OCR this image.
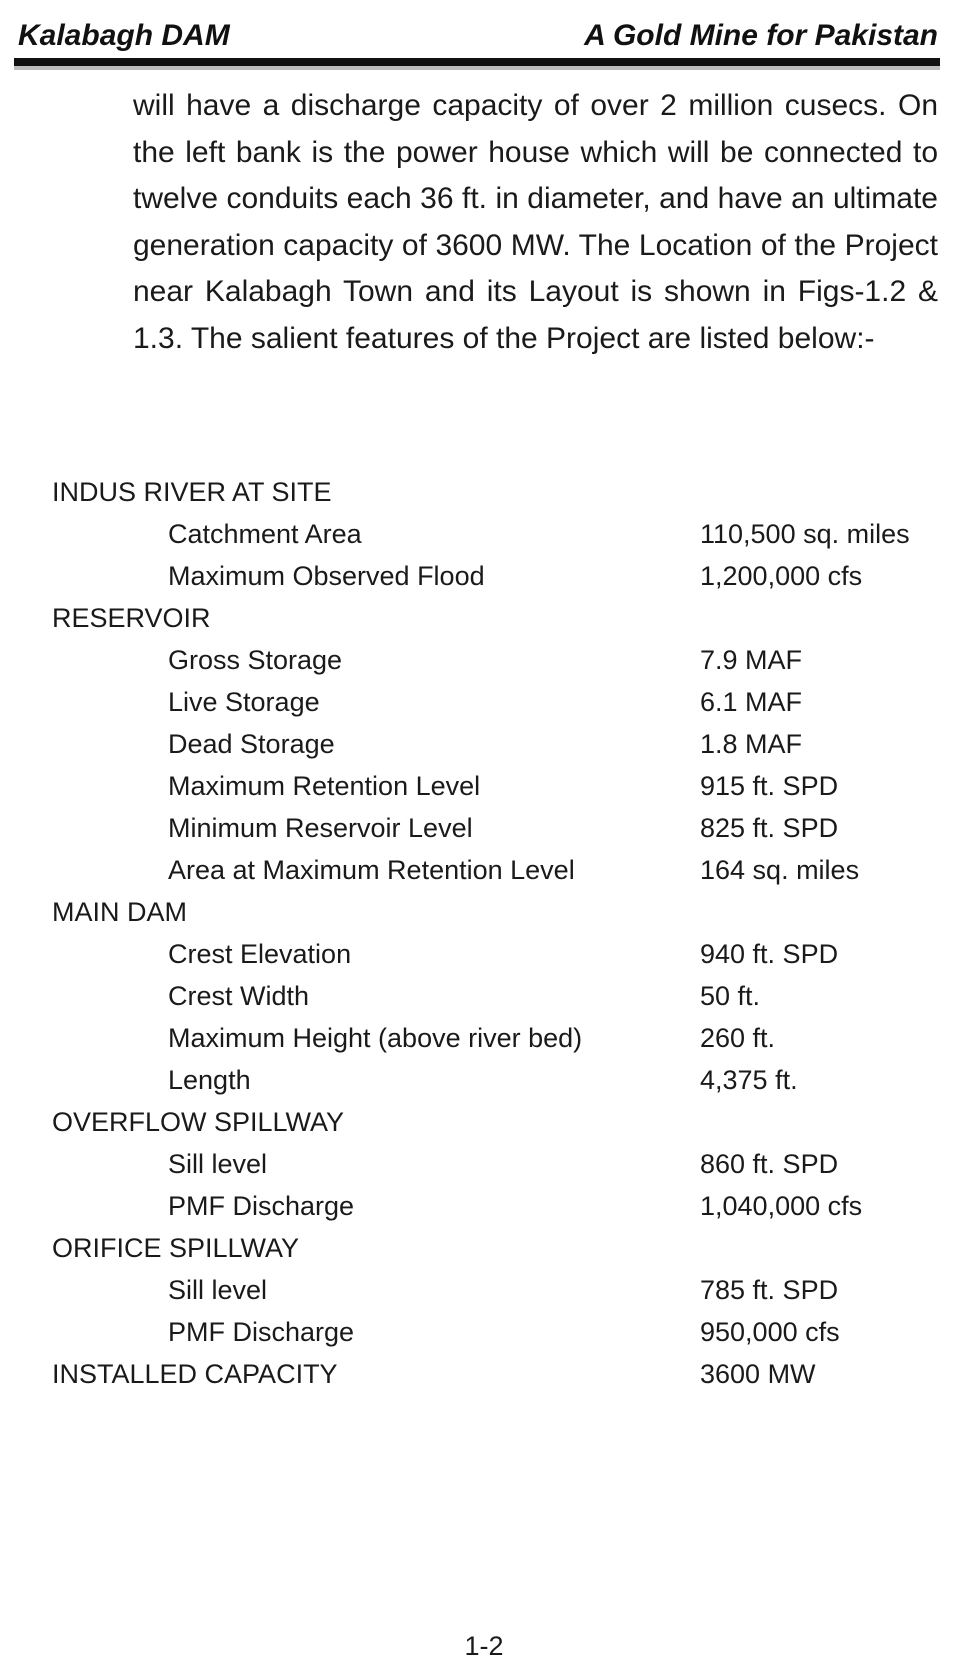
Kalabagh DAM	A Gold Mine for Pakistan

will have a discharge capacity of over 2 million cusecs. On the left bank is the power house which will be connected to twelve conduits each 36 ft. in diameter, and have an ultimate generation capacity of 3600 MW. The Location of the Project near Kalabagh Town and its Layout is shown in Figs-1.2 & 1.3. The salient features of the Project are listed below:-

INDUS RIVER AT SITE
Catchment Area	110,500 sq. miles
Maximum Observed Flood	1,200,000 cfs
RESERVOIR
Gross Storage	7.9 MAF
Live Storage	6.1 MAF
Dead Storage	1.8 MAF
Maximum Retention Level	915 ft. SPD
Minimum Reservoir Level	825 ft. SPD
Area at Maximum Retention Level	164 sq. miles
MAIN DAM
Crest Elevation	940 ft. SPD
Crest Width	50 ft.
Maximum Height (above river bed)	260 ft.
Length	4,375 ft.
OVERFLOW SPILLWAY
Sill level	860 ft. SPD
PMF Discharge	1,040,000 cfs
ORIFICE SPILLWAY
Sill level	785 ft. SPD
PMF Discharge	950,000 cfs
INSTALLED CAPACITY	3600 MW
1-2
